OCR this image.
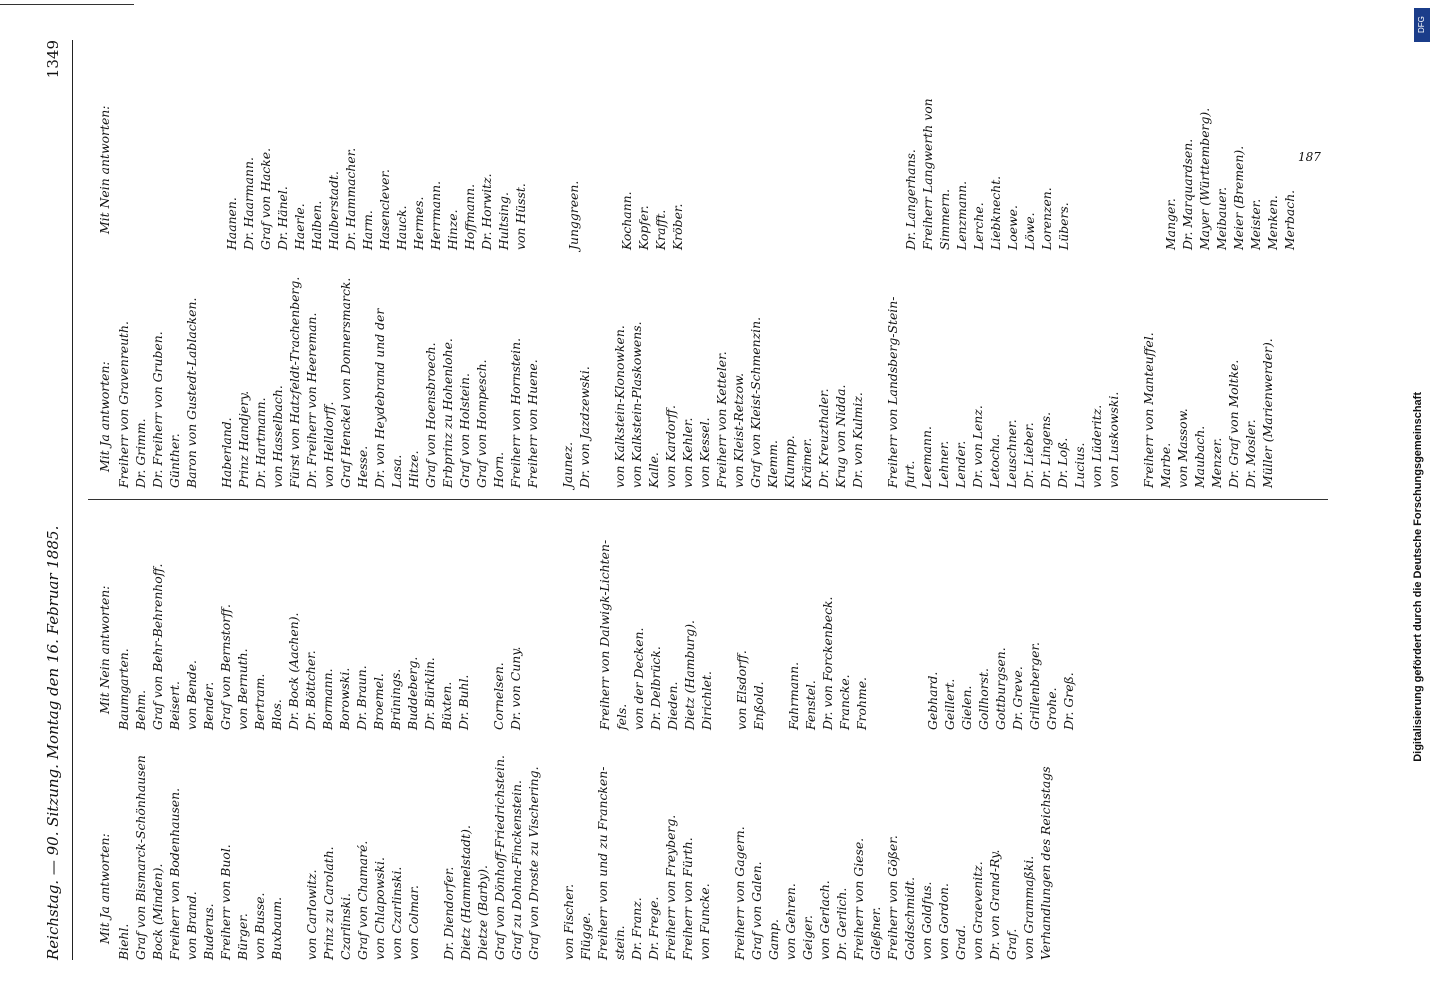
Reichstag. — 90. Sitzung. Montag den 16. Februar 1885.
1349
Mit Ja antworten: Biehl. Graf von Bismarck-Schönhausen Bock (Minden). Freiherr von Bodenhausen. von Brand. Buderus. Freiherr von Buol. Bürger. von Busse. Buxbaum. von Carlowitz. Prinz zu Carolath. Czarlinski. Graf von Chamaré. von Chlapowski. von Czarlinski. von Colmar. Dr. Diendorfer. Dietz (Hammelstadt). Dietze (Barby). Graf von Dönhoff-Friedrichstein. Graf zu Dohna-Finckenstein. Graf von Droste zu Vischering. von Fischer. Flügge. Freiherr von und zu Francken- stein. Dr. Franz. Dr. Frege. Freiherr von Freyberg. Freiherr von Fürth. von Funcke. Freiherr von Gagern. Graf von Galen. Gamp. von Gehren. Geiger. von Gerlach. Dr. Gerlich. Freiherr von Giese. Gleßner. Freiherr von Gößer. Goldschmidt. von Goldfus. von Gordon. Grad. von Graevenitz. Dr. von Grand-Ry. Graf. von Grammaßki. Verhandlungen des Reichstags
Mit Nein antworten: Baumgarten. Behm. Graf von Behr-Behrenhoff. Beisert. von Bende. Bender. Graf von Bernstorff. von Bernuth. Bertram. Blos. Dr. Bock (Aachen). Dr. Böttcher. Bormann. Borowski. Dr. Braun. Broemel. Brünings. Buddeberg. Dr. Bürklin. Büxten. Dr. Buhl. Cornelsen. Dr. von Cuny.	Freiherr von Dalwigk-Lichten- fels. von der Decken. Dr. Delbrück. Dieden. Dietz (Hamburg). Dirichlet. von Elsdorff. Enßold. Fahrmann. Fenstel. Dr. von Forckenbeck. Francke. Frohme.	Gebhard. Geillert. Gielen. Gollhorst. Gottburgsen. Dr. Greve. Grillenberger. Grohe. Dr. Greß.
Mit Ja antworten: Freiherr von Gravenreuth. Dr. Grimm. Dr. Freiherr von Gruben. Günther. Baron von Gustedt-Lablacken. Haberland. Prinz Handjery. Dr. Hartmann. von Hasselbach. Fürst von Hatzfeldt-Trachenberg. Dr. Freiherr von Heereman. von Helldorff. Graf Henckel von Donnersmarck. Hesse. Dr. von Heydebrand und der Lasa. Hitze. Graf von Hoensbroech. Erbprinz zu Hohenlohe. Graf von Holstein. Graf von Hompesch. Horn. Freiherr von Hornstein. Freiherr von Huene. Jaunez. Dr. von Jazdzewski. von Kalkstein-Klonowken. von Kalkstein-Plaskowens. Kalle. von Kardorff. von Kehler. von Kessel. Freiherr von Ketteler. von Kleist-Retzow. Graf von Kleist-Schmenzin. Klemm. Klumpp. Krämer. Dr. Kreuzthaler. Krug von Nidda. Dr. von Kulmiz. Freiherr von Landsberg-Stein- furt. Leemann. Lehner. Lender. Dr. von Lenz. Letocha. Leuschner. Dr. Lieber. Dr. Lingens. Dr. Loß. Lucius. von Lüderitz. von Luskowski. Freiherr von Manteuffel. Marbe. von Massow. Maubach. Menzer. Dr. Graf von Moltke. Dr. Mosler. Müller (Marienwerder).
Mit Nein antworten:	Haanen. Dr. Haarmann. Graf von Hacke. Dr. Hänel. Haerle. Halben. Halberstadt. Dr. Hammacher. Harm. Hasenclever. Hauck. Hermes. Herrmann. Hinze. Hoffmann. Dr. Horwitz. Hultsing. von Hüsst.	Junggreen.	Kochann. Kopfer. Krafft. Kröber.	Dr. Langerhans. Freiherr Langwerth von Simmern. Lenzmann. Lerche. Liebknecht. Loewe. Löwe. Lorenzen. Lübers.	Manger. Dr. Marquardsen. Mayer (Württemberg). Meibauer. Meier (Bremen). Meister. Menken. Merbach.
187
Digitalisierung gefördert durch die Deutsche Forschungsgemeinschaft
DFG
